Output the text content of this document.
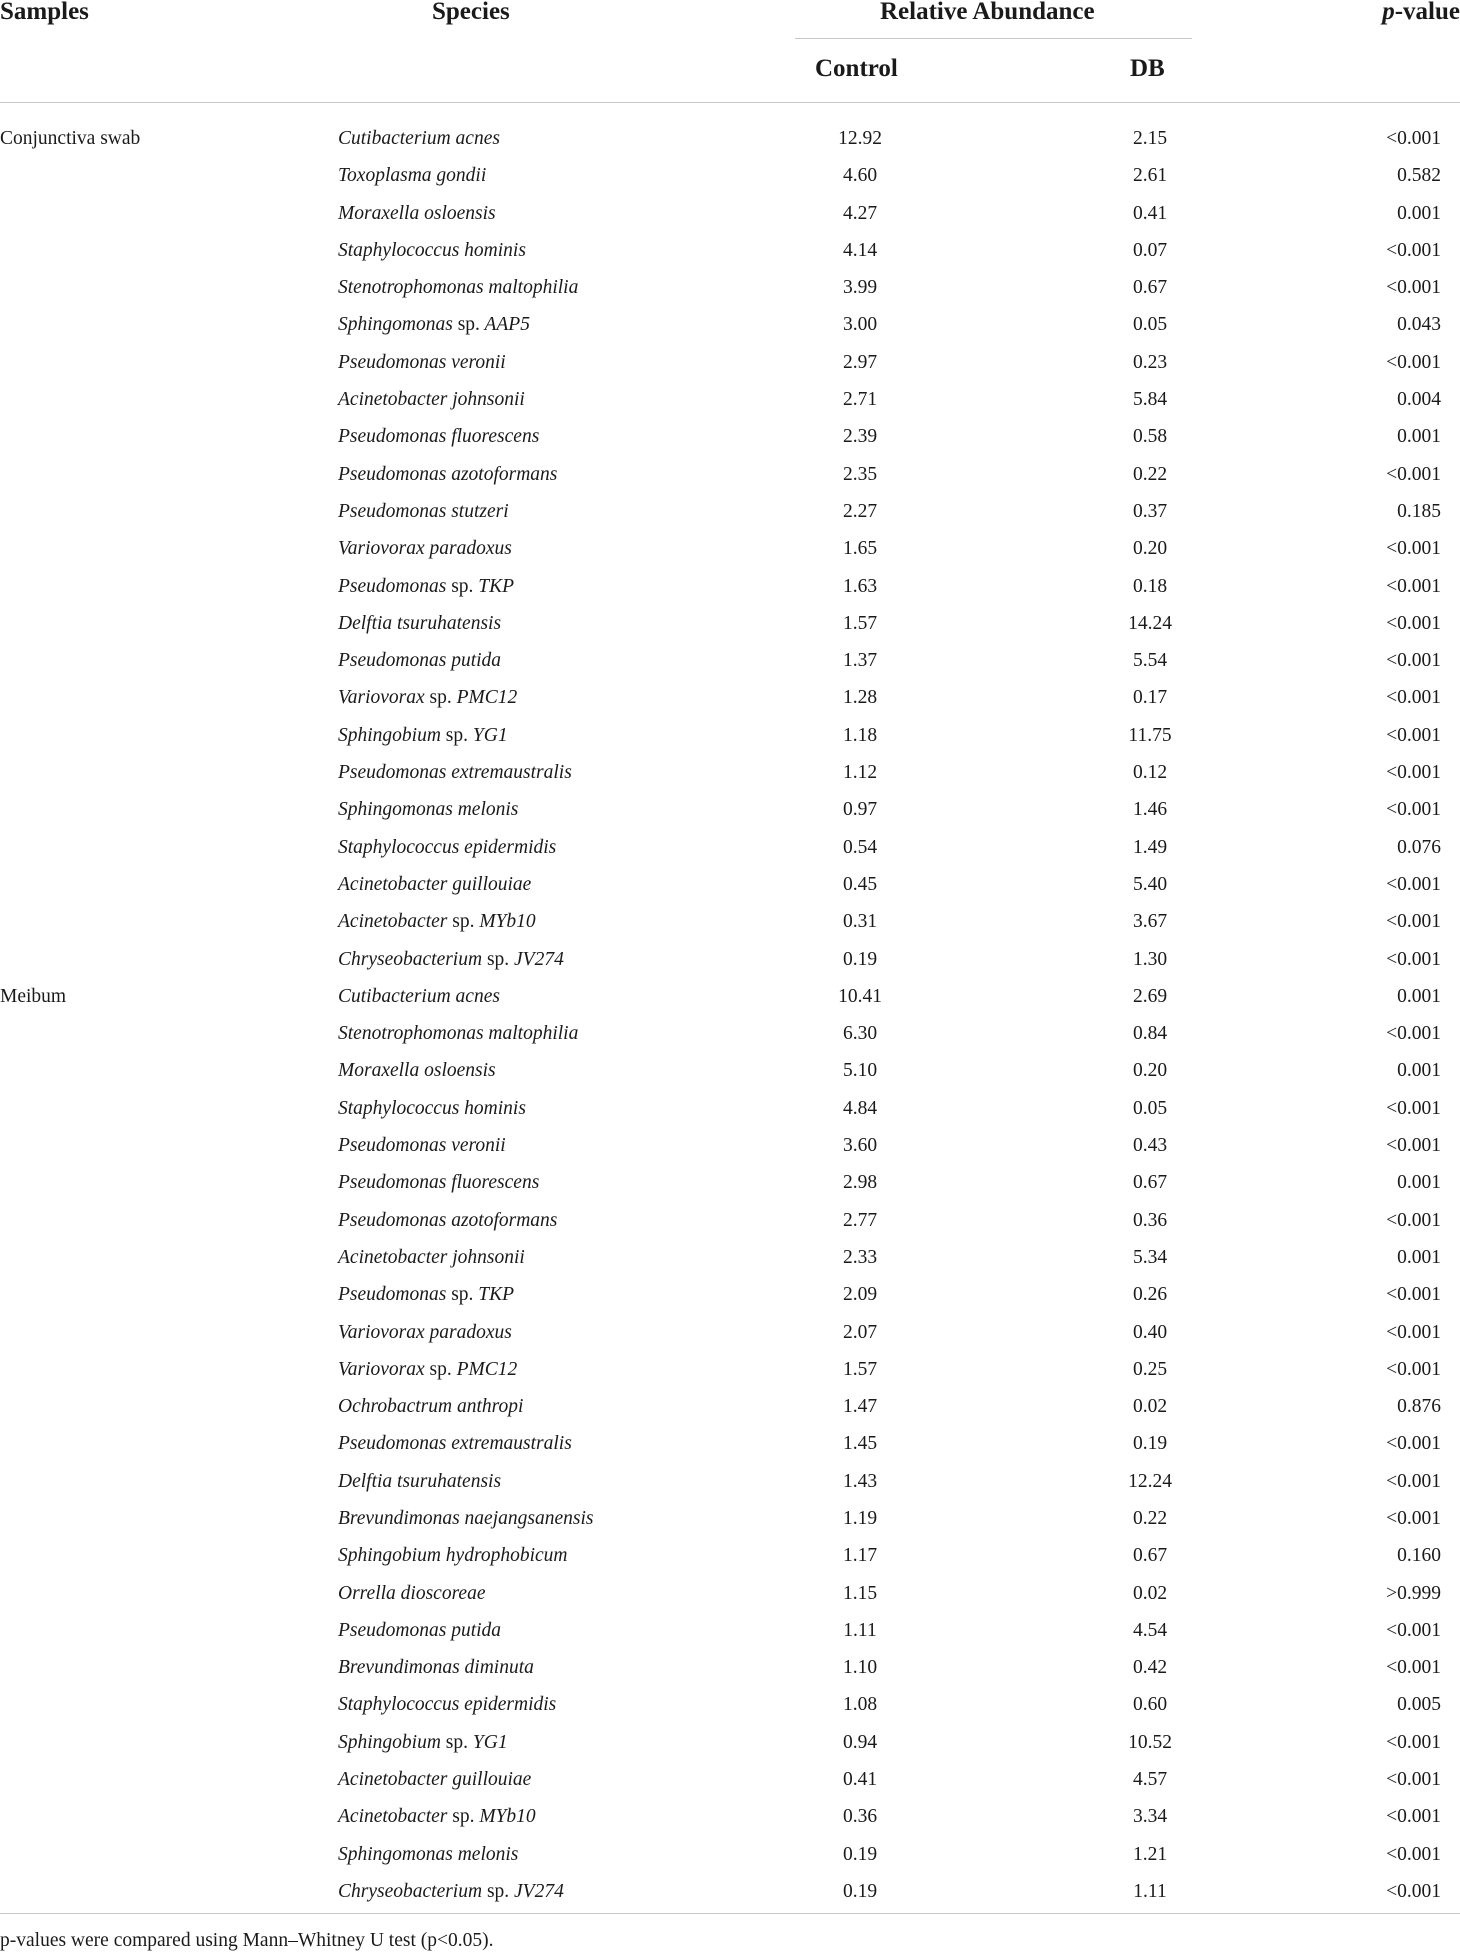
Samples	Species	Relative Abundance	p-value
Control	DB
Conjunctiva swab	Cutibacterium acnes	12.92	2.15	<0.001
Toxoplasma gondii	4.60	2.61	0.582
Moraxella osloensis	4.27	0.41	0.001
Staphylococcus hominis	4.14	0.07	<0.001
Stenotrophomonas maltophilia	3.99	0.67	<0.001
Sphingomonas sp. AAP5	3.00	0.05	0.043
Pseudomonas veronii	2.97	0.23	<0.001
Acinetobacter johnsonii	2.71	5.84	0.004
Pseudomonas fluorescens	2.39	0.58	0.001
Pseudomonas azotoformans	2.35	0.22	<0.001
Pseudomonas stutzeri	2.27	0.37	0.185
Variovorax paradoxus	1.65	0.20	<0.001
Pseudomonas sp. TKP	1.63	0.18	<0.001
Delftia tsuruhatensis	1.57	14.24	<0.001
Pseudomonas putida	1.37	5.54	<0.001
Variovorax sp. PMC12	1.28	0.17	<0.001
Sphingobium sp. YG1	1.18	11.75	<0.001
Pseudomonas extremaustralis	1.12	0.12	<0.001
Sphingomonas melonis	0.97	1.46	<0.001
Staphylococcus epidermidis	0.54	1.49	0.076
Acinetobacter guillouiae	0.45	5.40	<0.001
Acinetobacter sp. MYb10	0.31	3.67	<0.001
Chryseobacterium sp. JV274	0.19	1.30	<0.001
Meibum	Cutibacterium acnes	10.41	2.69	0.001
Stenotrophomonas maltophilia	6.30	0.84	<0.001
Moraxella osloensis	5.10	0.20	0.001
Staphylococcus hominis	4.84	0.05	<0.001
Pseudomonas veronii	3.60	0.43	<0.001
Pseudomonas fluorescens	2.98	0.67	0.001
Pseudomonas azotoformans	2.77	0.36	<0.001
Acinetobacter johnsonii	2.33	5.34	0.001
Pseudomonas sp. TKP	2.09	0.26	<0.001
Variovorax paradoxus	2.07	0.40	<0.001
Variovorax sp. PMC12	1.57	0.25	<0.001
Ochrobactrum anthropi	1.47	0.02	0.876
Pseudomonas extremaustralis	1.45	0.19	<0.001
Delftia tsuruhatensis	1.43	12.24	<0.001
Brevundimonas naejangsanensis	1.19	0.22	<0.001
Sphingobium hydrophobicum	1.17	0.67	0.160
Orrella dioscoreae	1.15	0.02	>0.999
Pseudomonas putida	1.11	4.54	<0.001
Brevundimonas diminuta	1.10	0.42	<0.001
Staphylococcus epidermidis	1.08	0.60	0.005
Sphingobium sp. YG1	0.94	10.52	<0.001
Acinetobacter guillouiae	0.41	4.57	<0.001
Acinetobacter sp. MYb10	0.36	3.34	<0.001
Sphingomonas melonis	0.19	1.21	<0.001
Chryseobacterium sp. JV274	0.19	1.11	<0.001
p-values were compared using Mann–Whitney U test (p<0.05).
